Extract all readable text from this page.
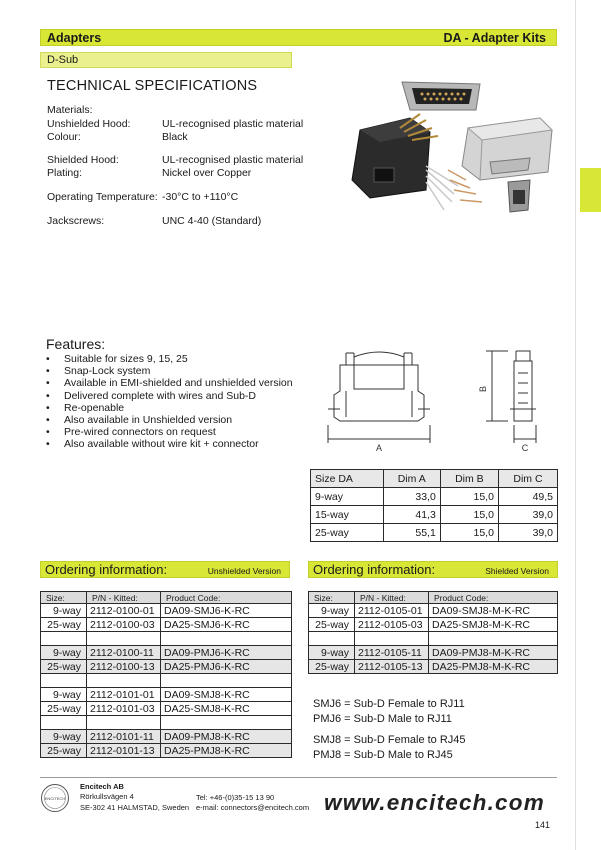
Adapters	DA - Adapter Kits
D-Sub
TECHNICAL SPECIFICATIONS
Materials:
Unshielded Hood:	UL-recognised plastic material
Colour:	Black
Shielded Hood:	UL-recognised plastic material
Plating:	Nickel over Copper
Operating Temperature: -30°C to +110°C
Jackscrews:	UNC 4-40 (Standard)
Features:
• Suitable for sizes 9, 15, 25
• Snap-Lock system
• Available in EMI-shielded and unshielded version
• Delivered complete with wires and Sub-D
• Re-openable
• Also available in Unshielded version
• Pre-wired connectors on request
• Also available without wire kit + connector	A
B
C
Size DA	Dim A	Dim B	Dim C
9-way	33,0	15,0	49,5
15-way	41,3	15,0	39,0
25-way	55,1	15,0	39,0
Ordering information:	Unshielded Version
Size:	P/N - Kitted:	Product Code:
9-way	2112-0100-01	DA09-SMJ6-K-RC
25-way	2112-0100-03	DA25-SMJ6-K-RC

9-way	2112-0100-11	DA09-PMJ6-K-RC
25-way	2112-0100-13	DA25-PMJ6-K-RC

9-way	2112-0101-01	DA09-SMJ8-K-RC
25-way	2112-0101-03	DA25-SMJ8-K-RC

9-way	2112-0101-11	DA09-PMJ8-K-RC
25-way	2112-0101-13	DA25-PMJ8-K-RC
Ordering information:	Shielded Version
Size:	P/N - Kitted:	Product Code:
9-way	2112-0105-01	DA09-SMJ8-M-K-RC
25-way	2112-0105-03	DA25-SMJ8-M-K-RC

9-way	2112-0105-11	DA09-PMJ8-M-K-RC
25-way	2112-0105-13	DA25-PMJ8-M-K-RC
SMJ6 = Sub-D Female to RJ11
PMJ6 = Sub-D Male to RJ11
SMJ8 = Sub-D Female to RJ45
PMJ8 = Sub-D Male to RJ45
ENCITECH
Encitech AB
Rörkullsvägen 4
SE-302 41 HALMSTAD, Sweden
Tel: +46-(0)35-15 13 90
e-mail: connectors@encitech.com www.encitech.com
141
